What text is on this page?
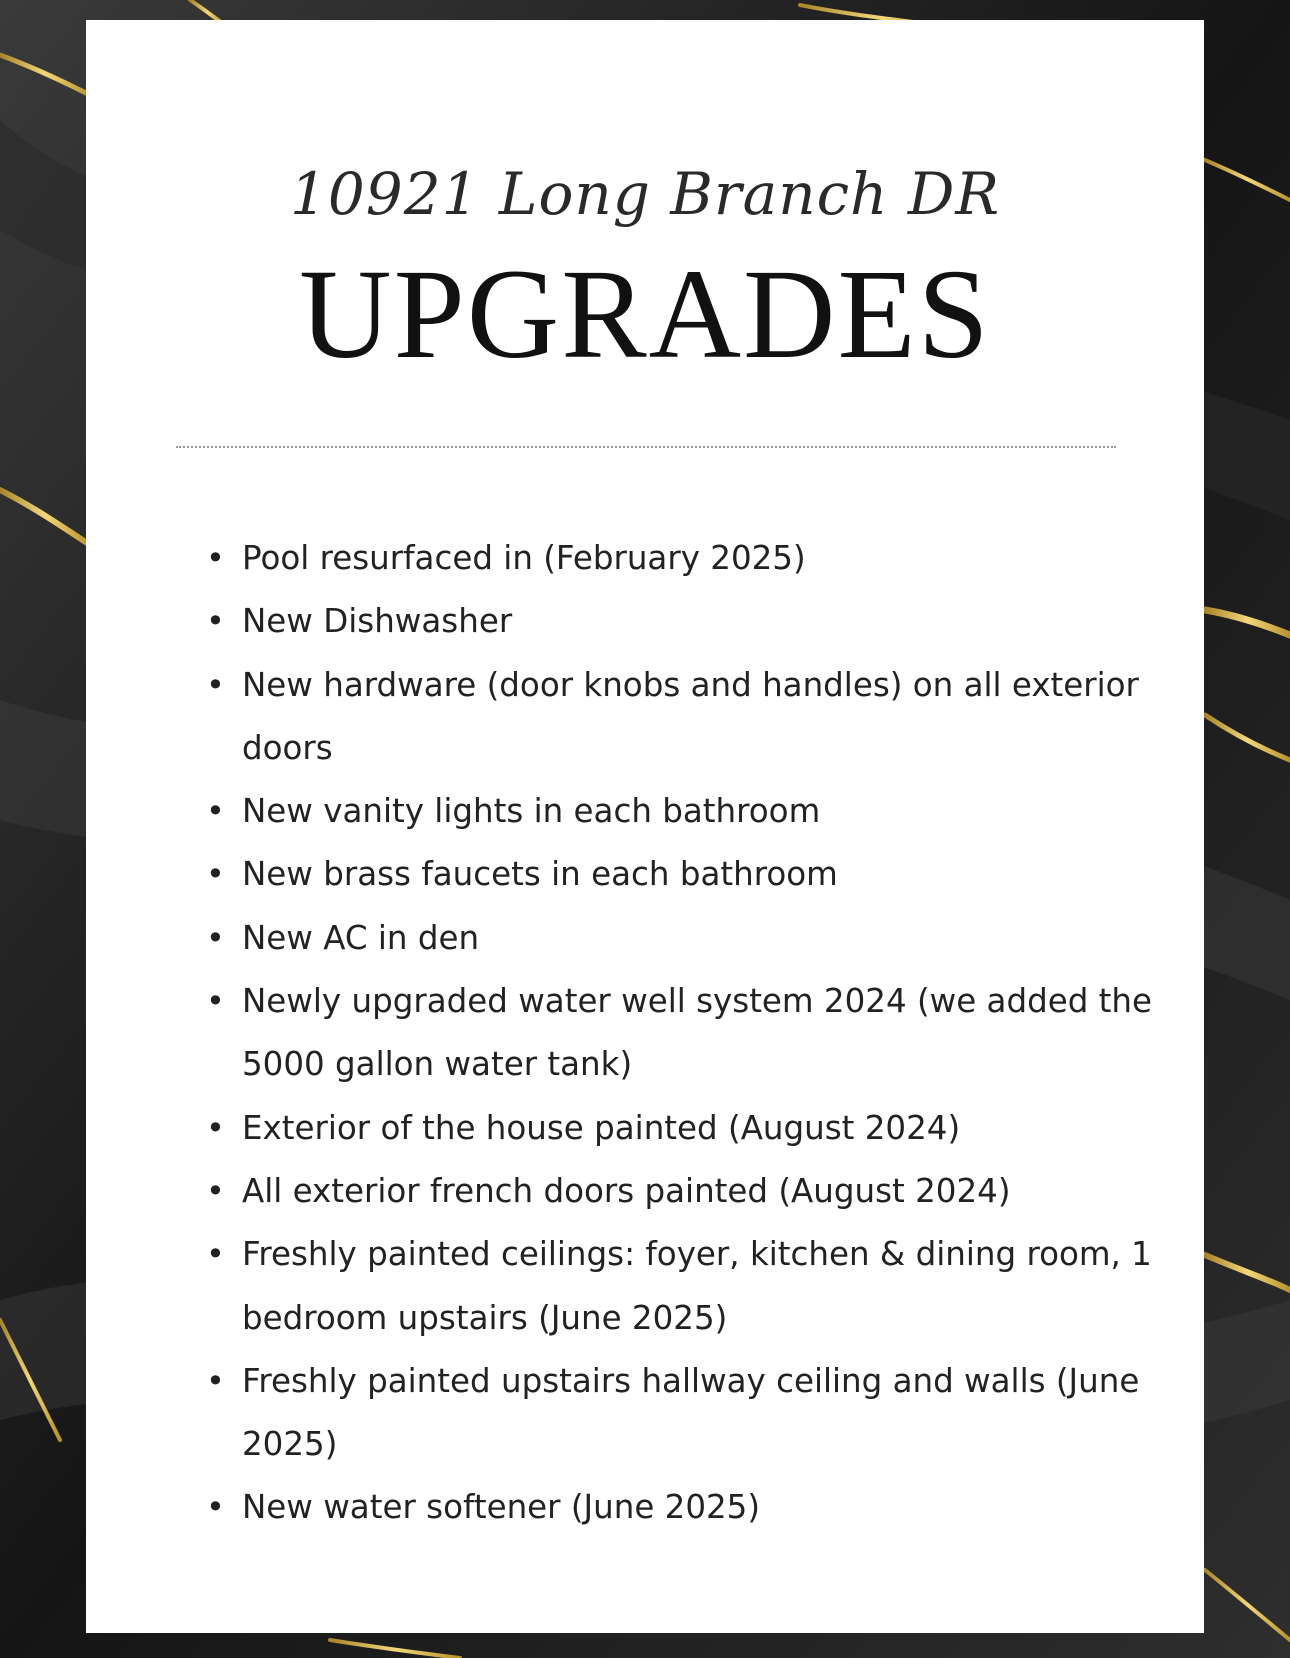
10921 Long Branch DR
UPGRADES
• Pool resurfaced in (February 2025)
• New Dishwasher
• New hardware (door knobs and handles) on all exterior doors
• New vanity lights in each bathroom
• New brass faucets in each bathroom
• New AC in den
• Newly upgraded water well system 2024 (we added the 5000 gallon water tank)
• Exterior of the house painted (August 2024)
• All exterior french doors painted (August 2024)
• Freshly painted ceilings: foyer, kitchen & dining room, 1 bedroom upstairs (June 2025)
• Freshly painted upstairs hallway ceiling and walls (June 2025)
• New water softener (June 2025)
